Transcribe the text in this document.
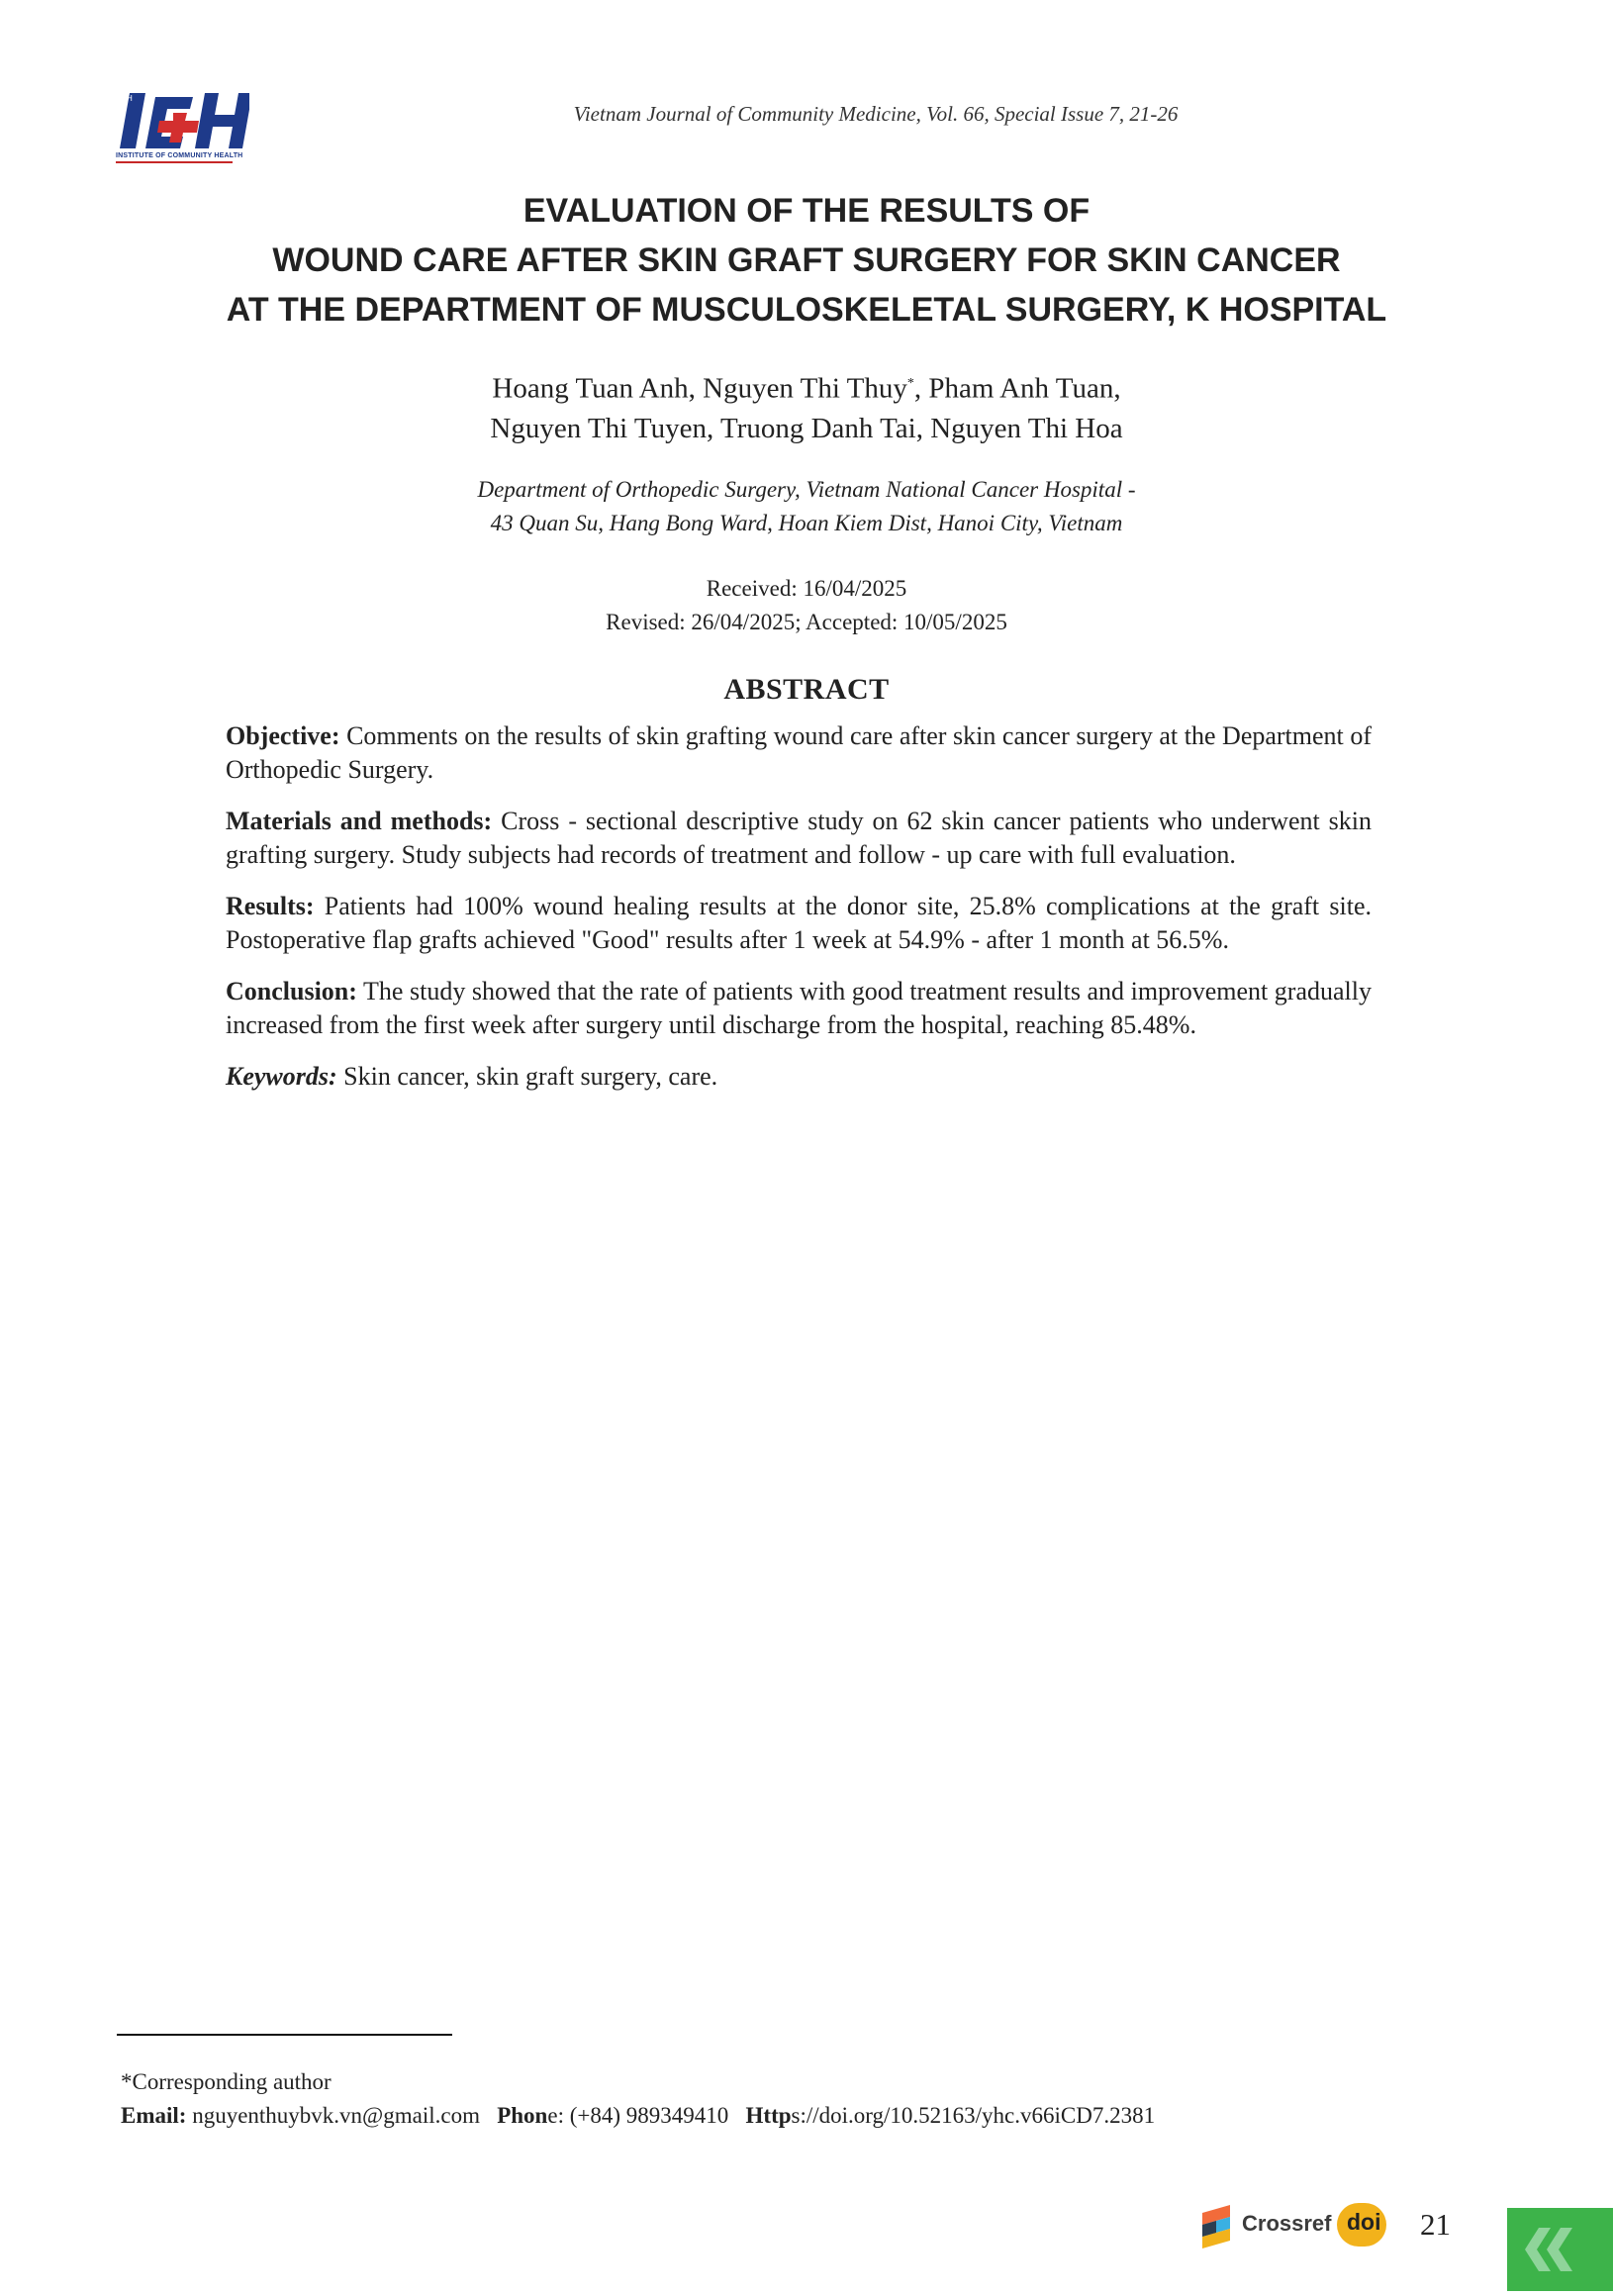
ICH
INSTITUTE OF COMMUNITY HEALTH
Vietnam Journal of Community Medicine, Vol. 66, Special Issue 7, 21-26
EVALUATION OF THE RESULTS OF
WOUND CARE AFTER SKIN GRAFT SURGERY FOR SKIN CANCER
AT THE DEPARTMENT OF MUSCULOSKELETAL SURGERY, K HOSPITAL
Hoang Tuan Anh, Nguyen Thi Thuy*, Pham Anh Tuan,
Nguyen Thi Tuyen, Truong Danh Tai, Nguyen Thi Hoa
Department of Orthopedic Surgery, Vietnam National Cancer Hospital -
43 Quan Su, Hang Bong Ward, Hoan Kiem Dist, Hanoi City, Vietnam
Received: 16/04/2025
Revised: 26/04/2025; Accepted: 10/05/2025
ABSTRACT

Objective: Comments on the results of skin grafting wound care after skin cancer surgery at the Department of Orthopedic Surgery.

Materials and methods: Cross - sectional descriptive study on 62 skin cancer patients who underwent skin grafting surgery. Study subjects had records of treatment and follow - up care with full evaluation.

Results: Patients had 100% wound healing results at the donor site, 25.8% complications at the graft site. Postoperative flap grafts achieved "Good" results after 1 week at 54.9% - after 1 month at 56.5%.

Conclusion: The study showed that the rate of patients with good treatment results and improvement gradually increased from the first week after surgery until discharge from the hospital, reaching 85.48%.

Keywords: Skin cancer, skin graft surgery, care.

*Corresponding author
Email: nguyenthuybvk.vn@gmail.com Phone: (+84) 989349410 Https://doi.org/10.52163/yhc.v66iCD7.2381
Crossref doi 21
